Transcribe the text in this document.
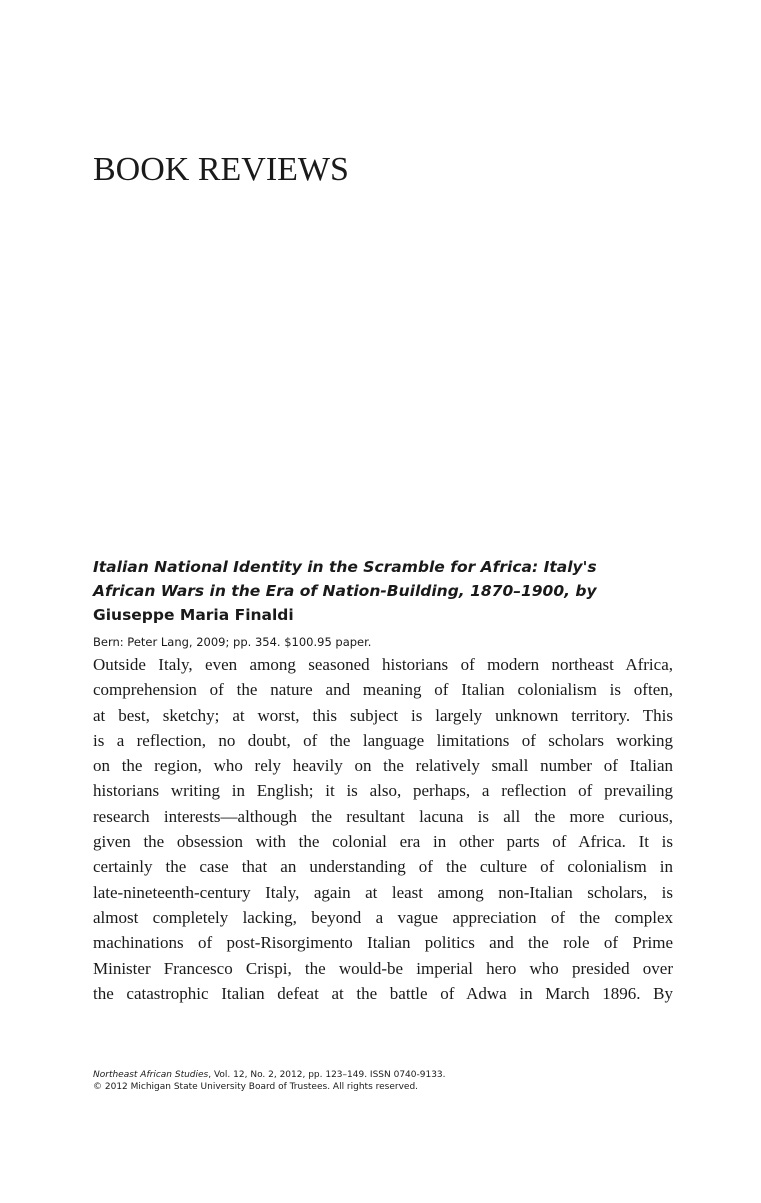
BOOK REVIEWS

Italian National Identity in the Scramble for Africa: Italy's
African Wars in the Era of Nation-Building, 1870–1900, by

Giuseppe Maria Finaldi

Bern: Peter Lang, 2009; pp. 354. $100.95 paper.

Outside Italy, even among seasoned historians of modern northeast Africa,
comprehension of the nature and meaning of Italian colonialism is often,
at best, sketchy; at worst, this subject is largely unknown territory. This
is a reflection, no doubt, of the language limitations of scholars working
on the region, who rely heavily on the relatively small number of Italian
historians writing in English; it is also, perhaps, a reflection of prevailing
research interests—although the resultant lacuna is all the more curious,
given the obsession with the colonial era in other parts of Africa. It is
certainly the case that an understanding of the culture of colonialism in
late-nineteenth-century Italy, again at least among non-Italian scholars, is
almost completely lacking, beyond a vague appreciation of the complex
machinations of post-Risorgimento Italian politics and the role of Prime
Minister Francesco Crispi, the would-be imperial hero who presided over
the catastrophic Italian defeat at the battle of Adwa in March 1896. By

Northeast African Studies, Vol. 12, No. 2, 2012, pp. 123–149. ISSN 0740-9133.
© 2012 Michigan State University Board of Trustees. All rights reserved.
